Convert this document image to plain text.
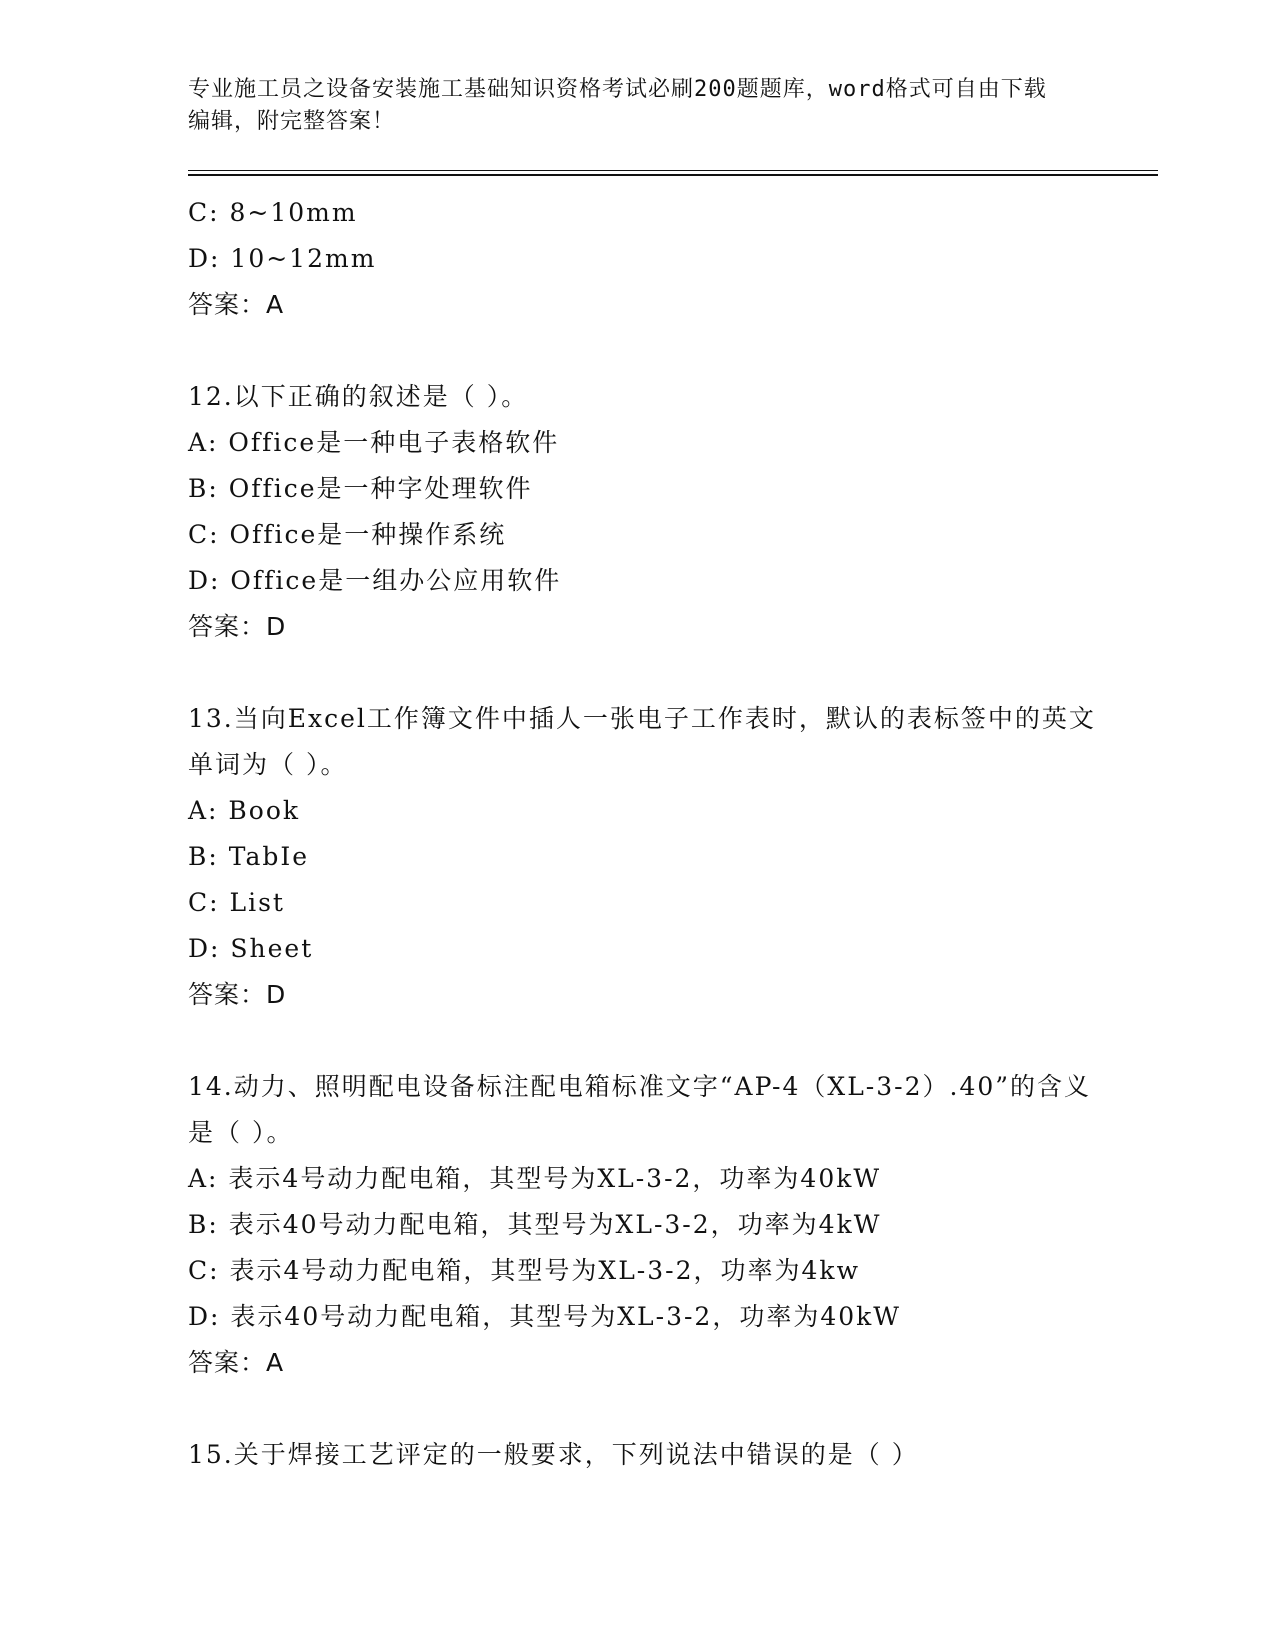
专业施工员之设备安装施工基础知识资格考试必刷200题题库，word格式可自由下载编辑，附完整答案！
C: 8~10mm
D: 10~12mm
答案：A
12.以下正确的叙述是（ ）。
A: Office是一种电子表格软件
B: Office是一种字处理软件
C: Office是一种操作系统
D: Office是一组办公应用软件
答案：D
13.当向Excel工作簿文件中插人一张电子工作表时，默认的表标签中的英文单词为（ ）。
A: Book
B: TabIe
C: List
D: Sheet
答案：D
14.动力、照明配电设备标注配电箱标准文字“AP-4（XL-3-2）.40”的含义是（ ）。
A: 表示4号动力配电箱，其型号为XL-3-2，功率为40kW
B: 表示40号动力配电箱，其型号为XL-3-2，功率为4kW
C: 表示4号动力配电箱，其型号为XL-3-2，功率为4kw
D: 表示40号动力配电箱，其型号为XL-3-2，功率为40kW
答案：A
15.关于焊接工艺评定的一般要求，下列说法中错误的是（ ）
